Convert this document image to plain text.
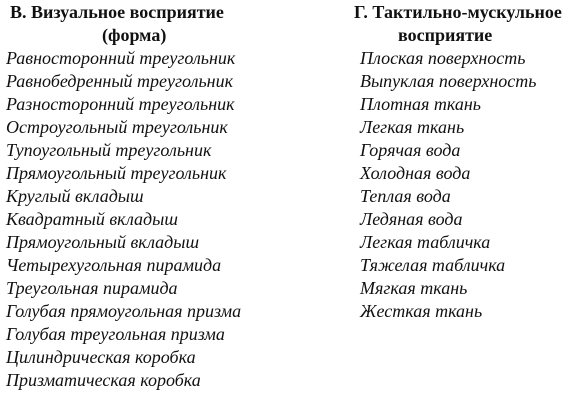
В. Визуальное восприятие
(форма)
Равносторонний треугольник
Равнобедренный треугольник
Разносторонний треугольник
Остроугольный треугольник
Тупоугольный треугольник
Прямоугольный треугольник
Круглый вкладыш
Квадратный вкладыш
Прямоугольный вкладыш
Четырехугольная пирамида
Треугольная пирамида
Голубая прямоугольная призма
Голубая треугольная призма
Цилиндрическая коробка
Призматическая коробка
Г. Тактильно-мускульное
восприятие
Плоская поверхность
Выпуклая поверхность
Плотная ткань
Легкая ткань
Горячая вода
Холодная вода
Теплая вода
Ледяная вода
Легкая табличка
Тяжелая табличка
Мягкая ткань
Жесткая ткань
